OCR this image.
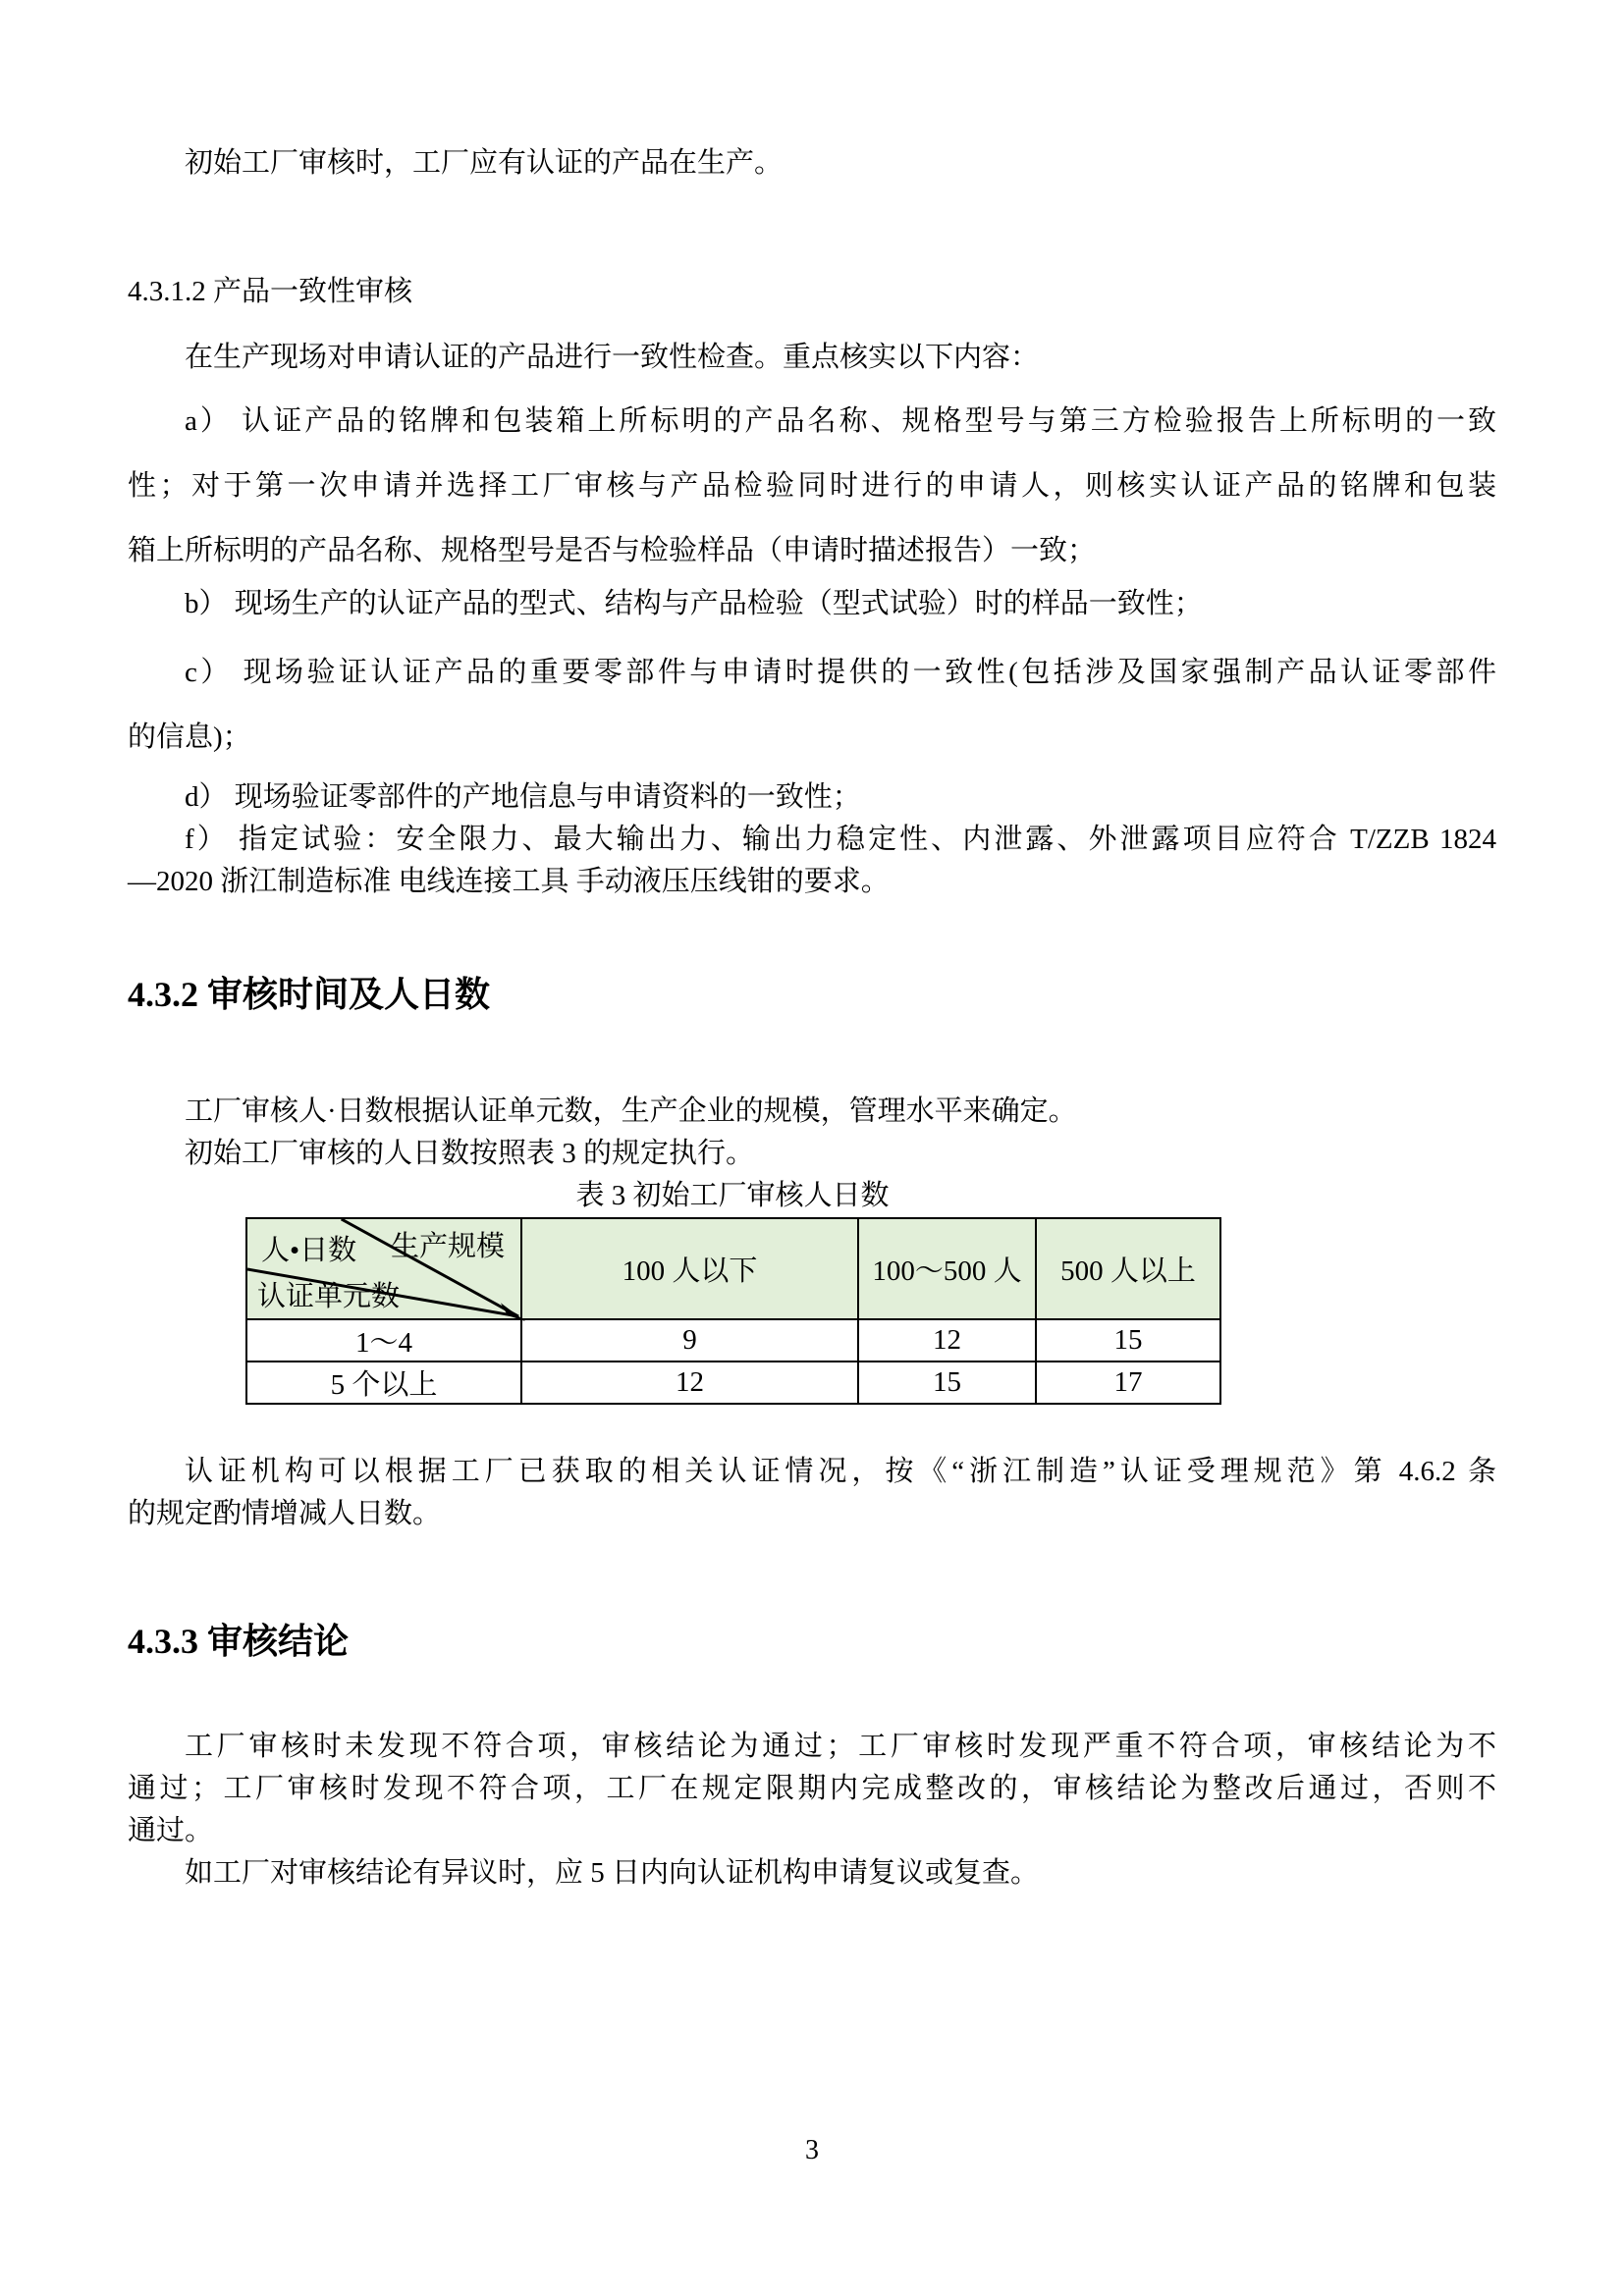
初始工厂审核时，工厂应有认证的产品在生产。
4.3.1.2 产品一致性审核
在生产现场对申请认证的产品进行一致性检查。重点核实以下内容：
a） 认证产品的铭牌和包装箱上所标明的产品名称、规格型号与第三方检验报告上所标明的一致
性；对于第一次申请并选择工厂审核与产品检验同时进行的申请人，则核实认证产品的铭牌和包装
箱上所标明的产品名称、规格型号是否与检验样品（申请时描述报告）一致；
b） 现场生产的认证产品的型式、结构与产品检验（型式试验）时的样品一致性；
c） 现场验证认证产品的重要零部件与申请时提供的一致性(包括涉及国家强制产品认证零部件
的信息)；
d） 现场验证零部件的产地信息与申请资料的一致性；
f） 指定试验：安全限力、最大输出力、输出力稳定性、内泄露、外泄露项目应符合 T/ZZB 1824
—2020 浙江制造标准 电线连接工具 手动液压压线钳的要求。
4.3.2 审核时间及人日数
工厂审核人·日数根据认证单元数，生产企业的规模，管理水平来确定。
初始工厂审核的人日数按照表 3 的规定执行。
表 3 初始工厂审核人日数
人•日数 生产规模
认证单元数	100 人以下	100～500 人	500 人以上
1～4	9	12	15
5 个以上	12	15	17
认证机构可以根据工厂已获取的相关认证情况，按《“浙江制造”认证受理规范》第 4.6.2 条
的规定酌情增减人日数。
4.3.3 审核结论
工厂审核时未发现不符合项，审核结论为通过；工厂审核时发现严重不符合项，审核结论为不
通过；工厂审核时发现不符合项，工厂在规定限期内完成整改的，审核结论为整改后通过，否则不
通过。
如工厂对审核结论有异议时，应 5 日内向认证机构申请复议或复查。
3
